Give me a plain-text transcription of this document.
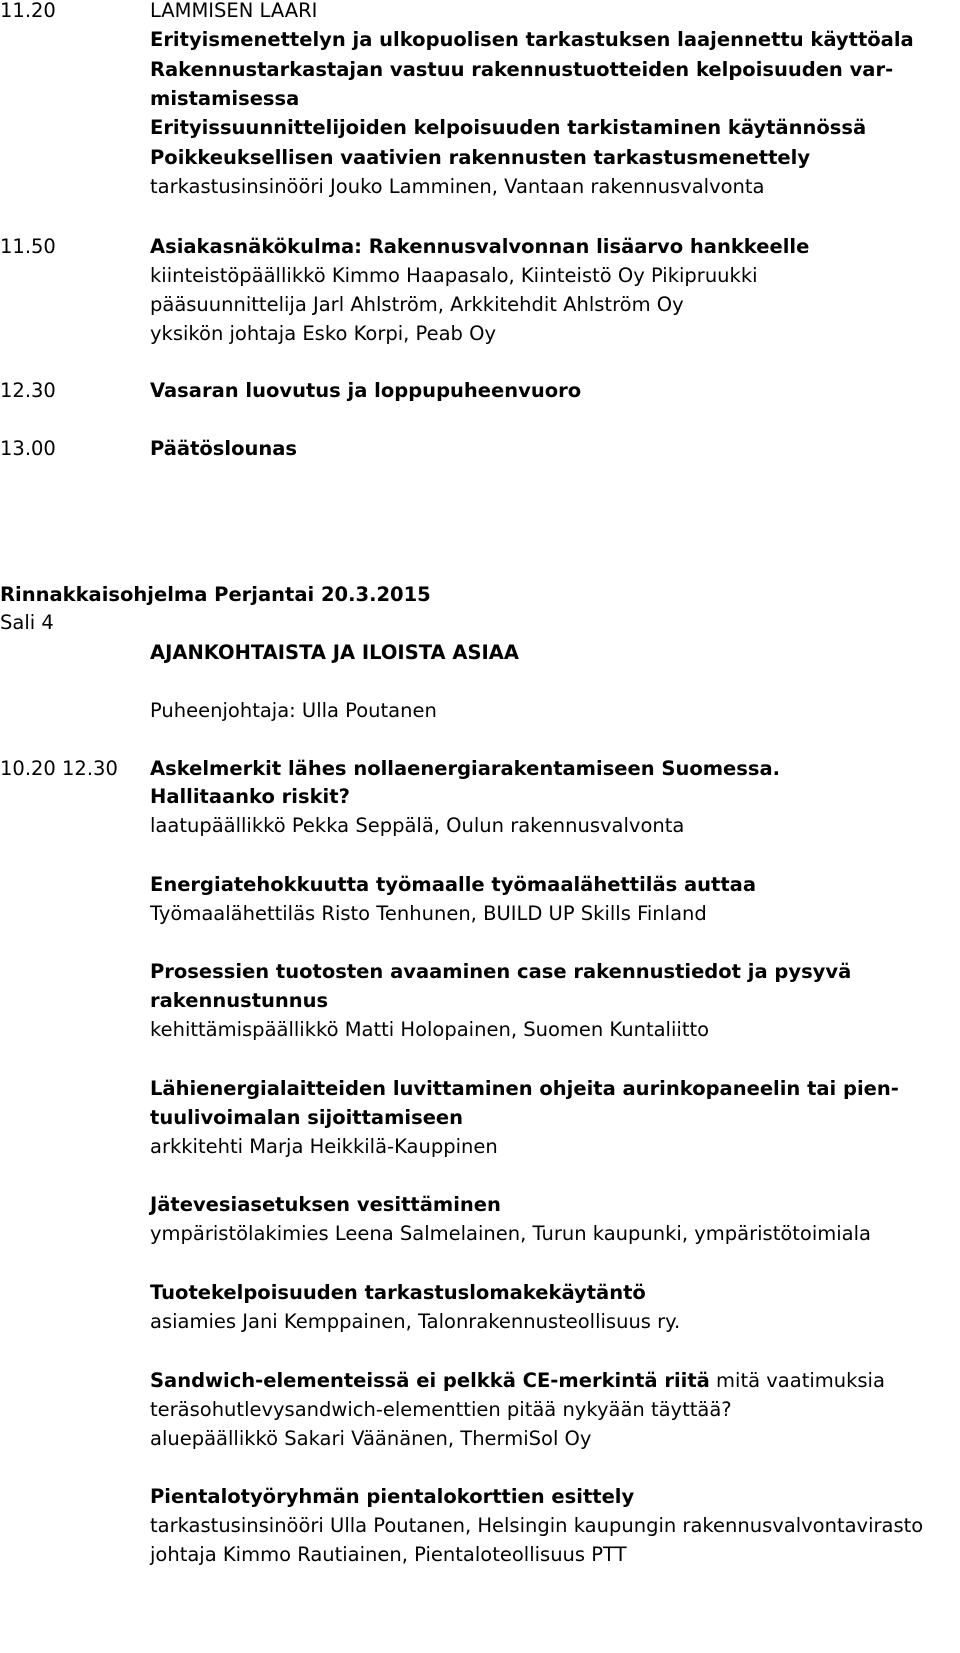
11.20	LAMMISEN LAARI
Erityismenettelyn ja ulkopuolisen tarkastuksen laajennettu käyttöala
Rakennustarkastajan vastuu rakennustuotteiden kelpoisuuden var-
mistamisessa
Erityissuunnittelijoiden kelpoisuuden tarkistaminen käytännössä
Poikkeuksellisen vaativien rakennusten tarkastusmenettely
tarkastusinsinööri Jouko Lamminen, Vantaan rakennusvalvonta
11.50	Asiakasnäkökulma: Rakennusvalvonnan lisäarvo hankkeelle
kiinteistöpäällikkö Kimmo Haapasalo, Kiinteistö Oy Pikipruukki
pääsuunnittelija Jarl Ahlström, Arkkitehdit Ahlström Oy
yksikön johtaja Esko Korpi, Peab Oy
12.30	Vasaran luovutus ja loppupuheenvuoro
13.00	Päätöslounas
Rinnakkaisohjelma Perjantai 20.3.2015
Sali 4
AJANKOHTAISTA JA ILOISTA ASIAA
Puheenjohtaja: Ulla Poutanen
10.20 12.30 Askelmerkit lähes nollaenergiarakentamiseen Suomessa.
Hallitaanko riskit?
laatupäällikkö Pekka Seppälä, Oulun rakennusvalvonta
Energiatehokkuutta työmaalle työmaalähettiläs auttaa
Työmaalähettiläs Risto Tenhunen, BUILD UP Skills Finland
Prosessien tuotosten avaaminen case rakennustiedot ja pysyvä
rakennustunnus
kehittämispäällikkö Matti Holopainen, Suomen Kuntaliitto
Lähienergialaitteiden luvittaminen ohjeita aurinkopaneelin tai pien-
tuulivoimalan sijoittamiseen
arkkitehti Marja Heikkilä-Kauppinen
Jätevesiasetuksen vesittäminen
ympäristölakimies Leena Salmelainen, Turun kaupunki, ympäristötoimiala
Tuotekelpoisuuden tarkastuslomakekäytäntö
asiamies Jani Kemppainen, Talonrakennusteollisuus ry.
Sandwich-elementeissä ei pelkkä CE-merkintä riitä mitä vaatimuksia
teräsohutlevysandwich-elementtien pitää nykyään täyttää?
aluepäällikkö Sakari Väänänen, ThermiSol Oy
Pientalotyöryhmän pientalokorttien esittely
tarkastusinsinööri Ulla Poutanen, Helsingin kaupungin rakennusvalvontavirasto
johtaja Kimmo Rautiainen, Pientaloteollisuus PTT
